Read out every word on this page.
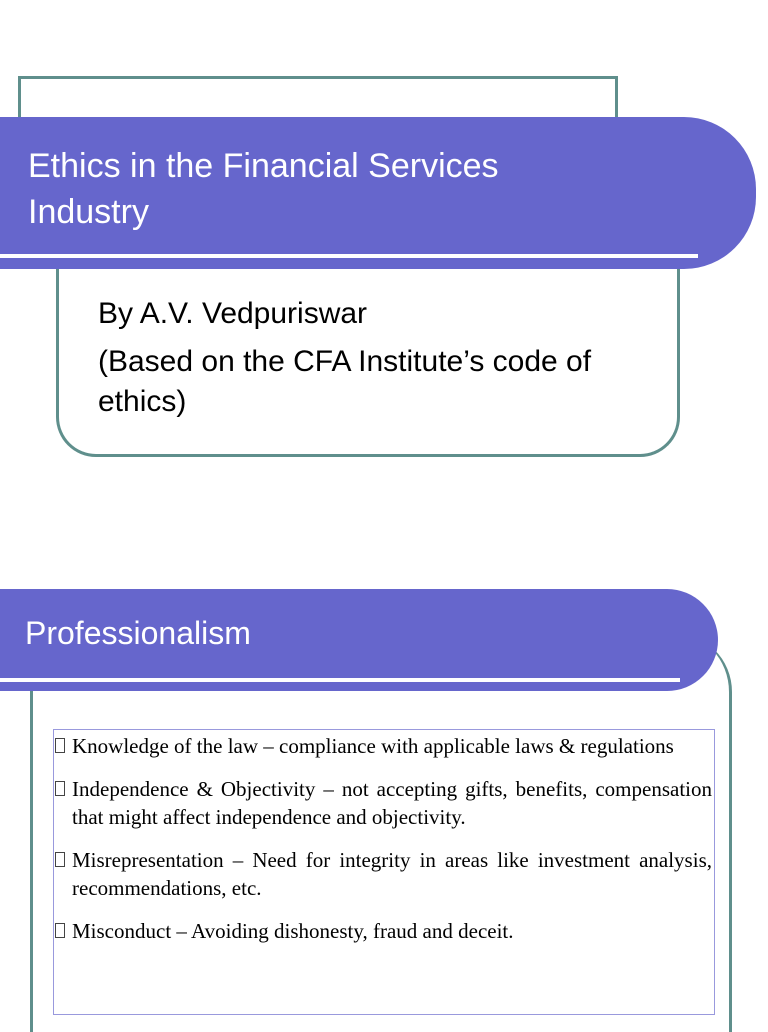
Ethics in the Financial Services Industry

By A.V. Vedpuriswar

(Based on the CFA Institute’s code of ethics)

Professionalism
Knowledge of the law – compliance with applicable laws & regulations
Independence & Objectivity – not accepting gifts, benefits, compensation that might affect independence and objectivity.
Misrepresentation – Need for integrity in areas like investment analysis, recommendations, etc.
Misconduct – Avoiding dishonesty, fraud and deceit.
